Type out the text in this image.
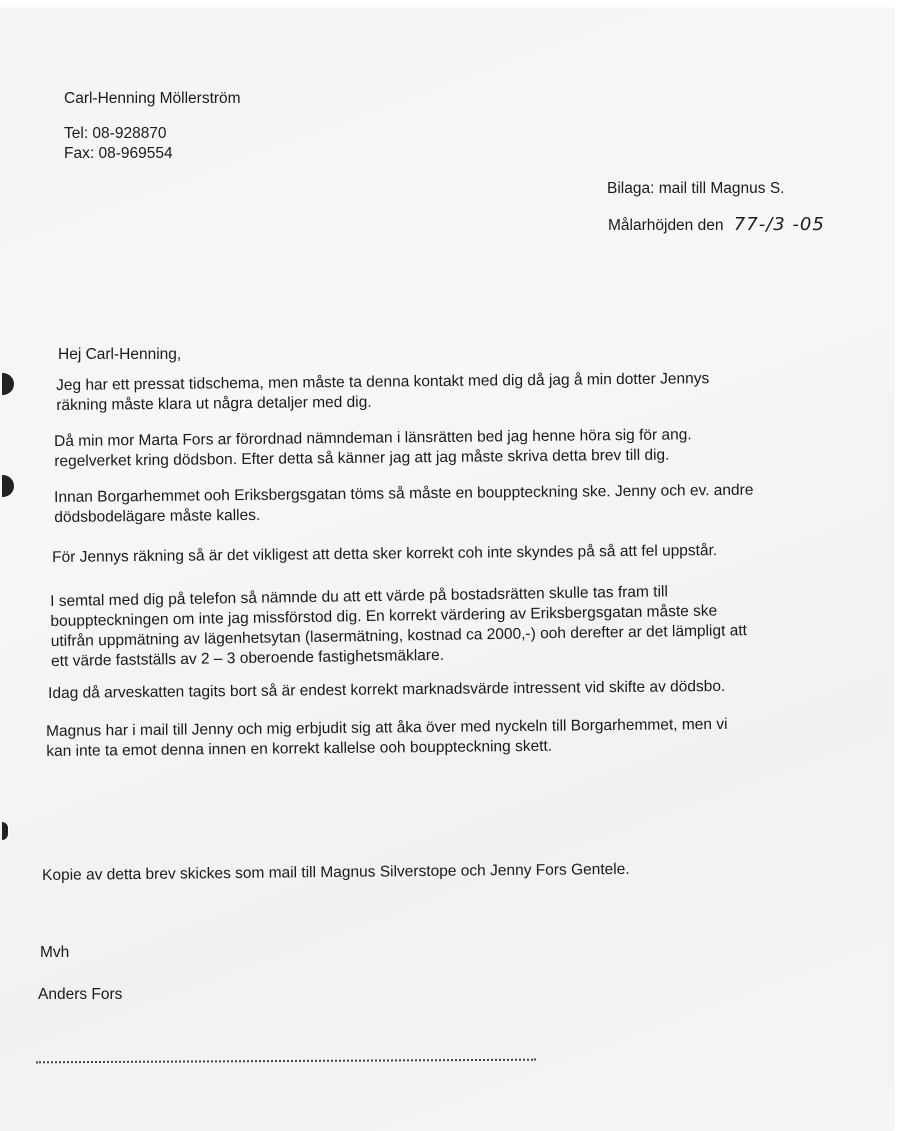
Carl-Henning Möllerström
Tel: 08-928870
Fax: 08-969554
Bilaga: mail till Magnus S.
Målarhöjden den 77-/3 -05
Hej Carl-Henning,
Jeg har ett pressat tidschema, men måste ta denna kontakt med dig då jag å min dotter Jennys
räkning måste klara ut några detaljer med dig.
Då min mor Marta Fors ar förordnad nämndeman i länsrätten bed jag henne höra sig för ang.
regelverket kring dödsbon. Efter detta så känner jag att jag måste skriva detta brev till dig.
Innan Borgarhemmet ooh Eriksbergsgatan töms så måste en bouppteckning ske. Jenny och ev. andre
dödsbodelägare måste kalles.
För Jennys räkning så är det vikligest att detta sker korrekt coh inte skyndes på så att fel uppstår.
I semtal med dig på telefon så nämnde du att ett värde på bostadsrätten skulle tas fram till
bouppteckningen om inte jag missförstod dig. En korrekt värdering av Eriksbergsgatan måste ske
utifrån uppmätning av lägenhetsytan (lasermätning, kostnad ca 2000,-) ooh derefter ar det lämpligt att
ett värde fastställs av 2 – 3 oberoende fastighetsmäklare.
Idag då arveskatten tagits bort så är endest korrekt marknadsvärde intressent vid skifte av dödsbo.
Magnus har i mail till Jenny och mig erbjudit sig att åka över med nyckeln till Borgarhemmet, men vi
kan inte ta emot denna innen en korrekt kallelse ooh bouppteckning skett.
Kopie av detta brev skickes som mail till Magnus Silverstope och Jenny Fors Gentele.
Mvh
Anders Fors
